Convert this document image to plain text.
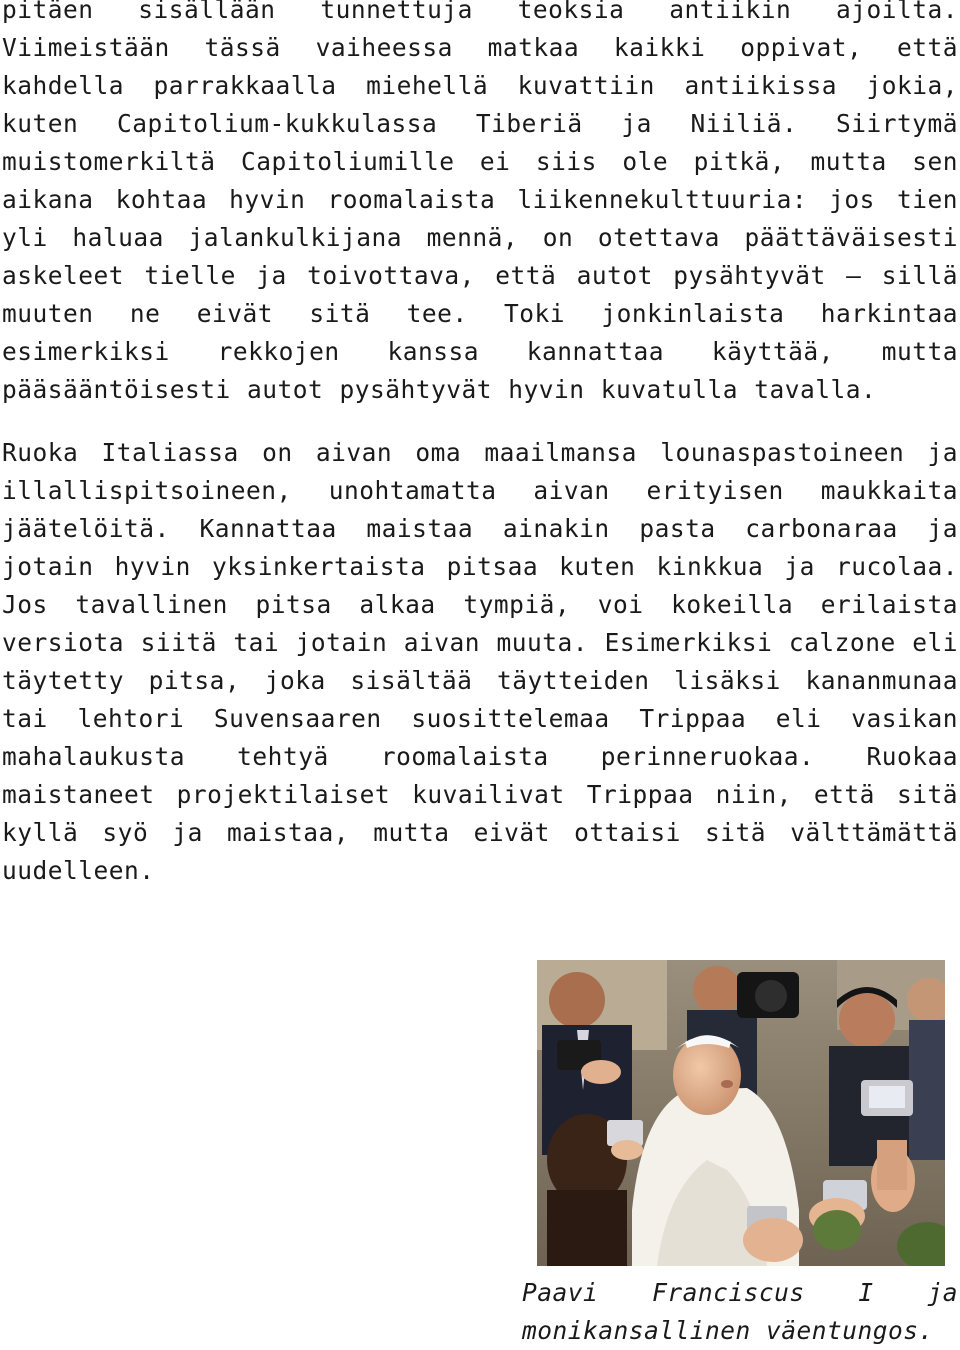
pitäen sisällään tunnettuja teoksia antiikin ajoilta. Viimeistään tässä vaiheessa matkaa kaikki oppivat, että kahdella parrakkaalla miehellä kuvattiin antiikissa jokia, kuten Capitolium-kukkulassa Tiberiä ja Niiliä. Siirtymä muistomerkiltä Capitoliumille ei siis ole pitkä, mutta sen aikana kohtaa hyvin roomalaista liikennekulttuuria: jos tien yli haluaa jalankulkijana mennä, on otettava päättäväisesti askeleet tielle ja toivottava, että autot pysähtyvät – sillä muuten ne eivät sitä tee. Toki jonkinlaista harkintaa esimerkiksi rekkojen kanssa kannattaa käyttää, mutta pääsääntöisesti autot pysähtyvät hyvin kuvatulla tavalla.

Ruoka Italiassa on aivan oma maailmansa lounaspastoineen ja illallispitsoineen, unohtamatta aivan erityisen maukkaita jäätelöitä. Kannattaa maistaa ainakin pasta carbonaraa ja jotain hyvin yksinkertaista pitsaa kuten kinkkua ja rucolaa. Jos tavallinen pitsa alkaa tympiä, voi kokeilla erilaista versiota siitä tai jotain aivan muuta. Esimerkiksi calzone eli täytetty pitsa, joka sisältää täytteiden lisäksi kananmunaa tai lehtori Suvensaaren suosittelemaa Trippaa eli vasikan mahalaukusta tehtyä roomalaista perinneruokaa. Ruokaa maistaneet projektilaiset kuvailivat Trippaa niin, että sitä kyllä syö ja maistaa, mutta eivät ottaisi sitä välttämättä uudelleen.

Paavi Franciscus I ja monikansallinen väentungos.
